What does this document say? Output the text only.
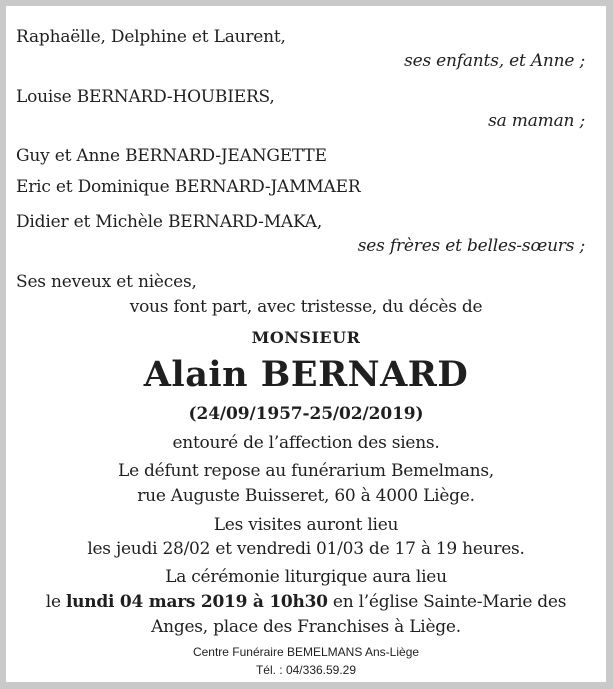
Raphaëlle, Delphine et Laurent,
ses enfants, et Anne ;
Louise BERNARD-HOUBIERS,
sa maman ;
Guy et Anne BERNARD-JEANGETTE
Eric et Dominique BERNARD-JAMMAER
Didier et Michèle BERNARD-MAKA,
ses frères et belles-sœurs ;
Ses neveux et nièces,
vous font part, avec tristesse, du décès de
MONSIEUR
Alain BERNARD
(24/09/1957-25/02/2019)
entouré de l’affection des siens.
Le défunt repose au funérarium Bemelmans,
rue Auguste Buisseret, 60 à 4000 Liège.
Les visites auront lieu
les jeudi 28/02 et vendredi 01/03 de 17 à 19 heures.
La cérémonie liturgique aura lieu
le lundi 04 mars 2019 à 10h30 en l’église Sainte-Marie des
Anges, place des Franchises à Liège.
Centre Funéraire BEMELMANS Ans-Liège
Tél. : 04/336.59.29
